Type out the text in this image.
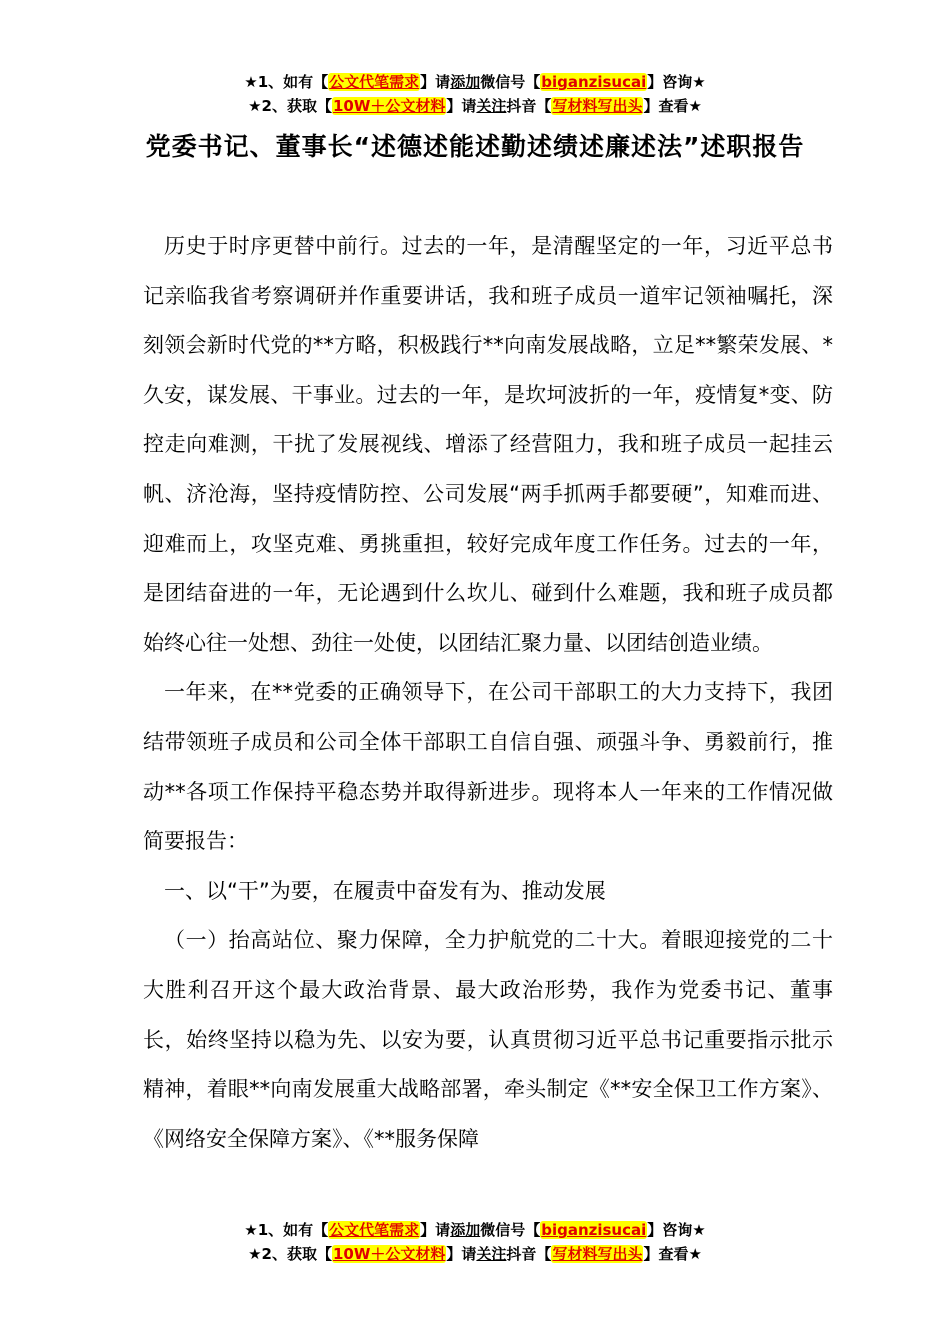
★1、如有【公文代笔需求】请添加微信号【biganzisucai】咨询★
★2、获取【10W＋公文材料】请关注抖音【写材料写出头】查看★
党委书记、董事长“述德述能述勤述绩述廉述法”述职报告

历史于时序更替中前行。过去的一年，是清醒坚定的一年，习近平总书记亲临我省考察调研并作重要讲话，我和班子成员一道牢记领袖嘱托，深刻领会新时代党的**方略，积极践行**向南发展战略，立足**繁荣发展、*久安，谋发展、干事业。过去的一年，是坎坷波折的一年，疫情复*变、防控走向难测，干扰了发展视线、增添了经营阻力，我和班子成员一起挂云帆、济沧海，坚持疫情防控、公司发展“两手抓两手都要硬”，知难而进、迎难而上，攻坚克难、勇挑重担，较好完成年度工作任务。过去的一年，是团结奋进的一年，无论遇到什么坎儿、碰到什么难题，我和班子成员都始终心往一处想、劲往一处使，以团结汇聚力量、以团结创造业绩。

一年来，在**党委的正确领导下，在公司干部职工的大力支持下，我团结带领班子成员和公司全体干部职工自信自强、顽强斗争、勇毅前行，推动**各项工作保持平稳态势并取得新进步。现将本人一年来的工作情况做简要报告：

一、以“干”为要，在履责中奋发有为、推动发展

（一）抬高站位、聚力保障，全力护航党的二十大。着眼迎接党的二十大胜利召开这个最大政治背景、最大政治形势，我作为党委书记、董事长，始终坚持以稳为先、以安为要，认真贯彻习近平总书记重要指示批示精神，着眼**向南发展重大战略部署，牵头制定《**安全保卫工作方案》、《网络安全保障方案》、《**服务保障

★1、如有【公文代笔需求】请添加微信号【biganzisucai】咨询★
★2、获取【10W＋公文材料】请关注抖音【写材料写出头】查看★
